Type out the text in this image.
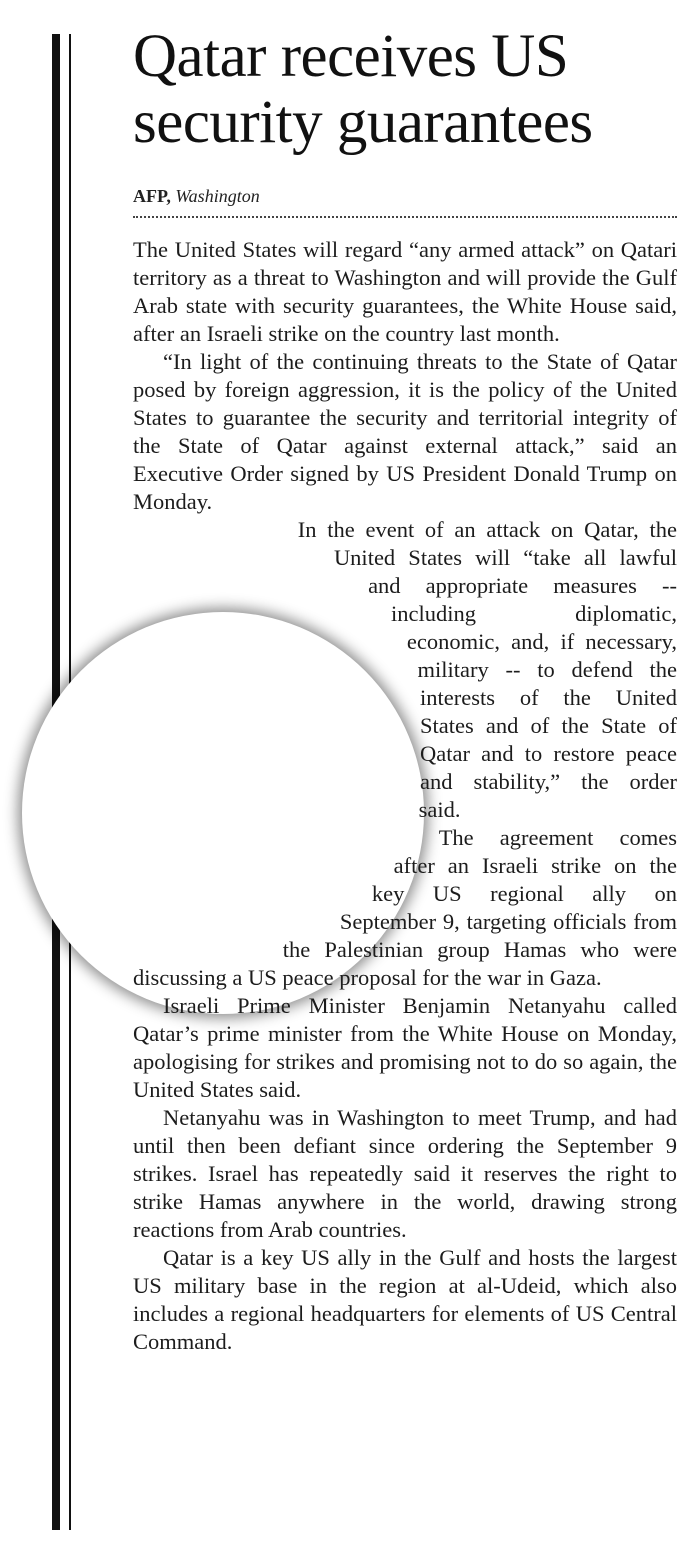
Qatar receives US security guarantees
AFP, Washington

The United States will regard “any armed attack” on Qatari territory as a threat to Washington and will provide the Gulf Arab state with security guarantees, the White House said, after an Israeli strike on the country last month.

“In light of the continuing threats to the State of Qatar posed by foreign aggression, it is the policy of the United States to guarantee the security and territorial integrity of the State of Qatar against external attack,” said an Executive Order signed by US President Donald Trump on Monday.

In the event of an attack on Qatar, the United States will “take all lawful and appropriate measures -- including diplomatic, economic, and, if necessary, military -- to defend the interests of the United States and of the State of Qatar and to restore peace and stability,” the order said.

The agreement comes after an Israeli strike on the key US regional ally on September 9, targeting officials from the Palestinian group Hamas who were discussing a US peace proposal for the war in Gaza.

Israeli Prime Minister Benjamin Netanyahu called Qatar’s prime minister from the White House on Monday, apologising for strikes and promising not to do so again, the United States said.

Netanyahu was in Washington to meet Trump, and had until then been defiant since ordering the September 9 strikes. Israel has repeatedly said it reserves the right to strike Hamas anywhere in the world, drawing strong reactions from Arab countries.

Qatar is a key US ally in the Gulf and hosts the largest US military base in the region at al-Udeid, which also includes a regional headquarters for elements of US Central Command.
